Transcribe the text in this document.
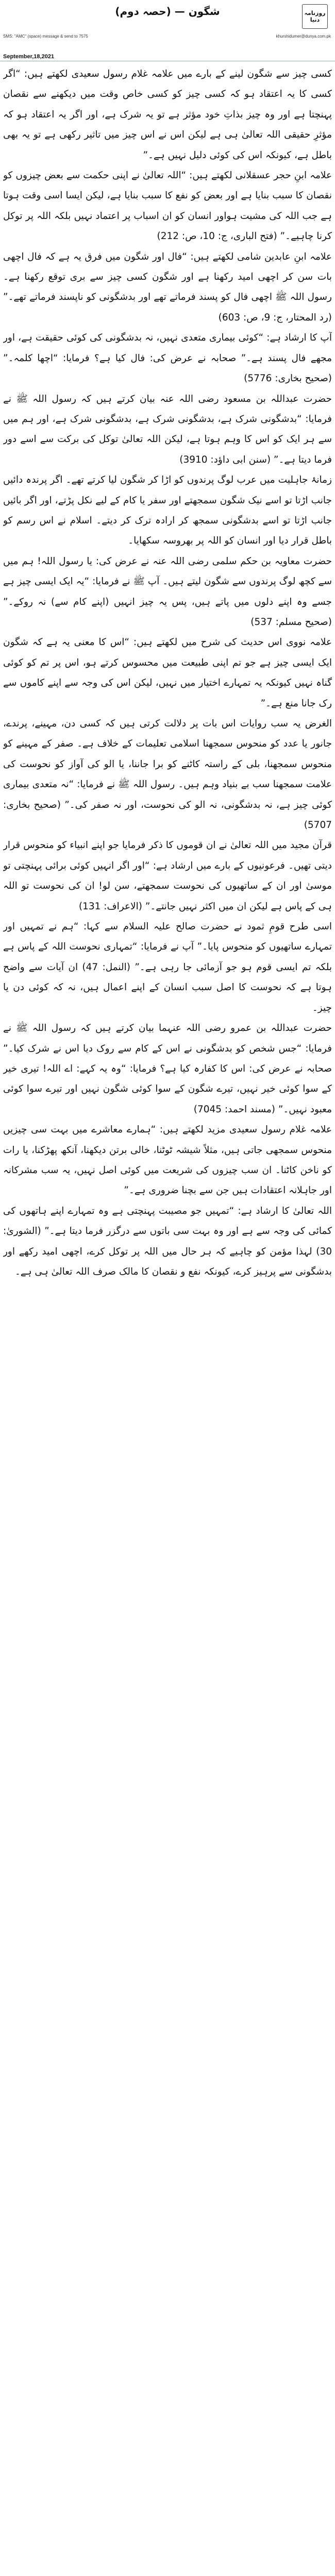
روزنامہ دنیا
شگون — (حصہ دوم)
SMS: "AMC" (space) message & send to 7575	khurshidumer@dunya.com.pk
September,18,2021

کسی چیز سے شگون لینے کے بارے میں علامہ غلام رسول سعیدی لکھتے ہیں: “اگر کسی کا یہ اعتقاد ہو کہ کسی چیز کو کسی خاص وقت میں دیکھنے سے نقصان پہنچتا ہے اور وہ چیز بذاتِ خود مؤثر ہے تو یہ شرک ہے، اور اگر یہ اعتقاد ہو کہ مؤثرِ حقیقی اللہ تعالیٰ ہی ہے لیکن اس نے اس چیز میں تاثیر رکھی ہے تو یہ بھی باطل ہے، کیونکہ اس کی کوئی دلیل نہیں ہے۔”

علامہ ابنِ حجر عسقلانی لکھتے ہیں: “اللہ تعالیٰ نے اپنی حکمت سے بعض چیزوں کو نقصان کا سبب بنایا ہے اور بعض کو نفع کا سبب بنایا ہے، لیکن ایسا اسی وقت ہوتا ہے جب اللہ کی مشیت ہواور انسان کو ان اسباب پر اعتماد نہیں بلکہ اللہ پر توکل کرنا چاہیے۔” (فتح الباری، ج: 10، ص: 212)

علامہ ابنِ عابدین شامی لکھتے ہیں: “فال اور شگون میں فرق یہ ہے کہ فال اچھی بات سن کر اچھی امید رکھنا ہے اور شگون کسی چیز سے بری توقع رکھنا ہے۔ رسول اللہ ﷺ اچھی فال کو پسند فرماتے تھے اور بدشگونی کو ناپسند فرماتے تھے۔” (رد المحتار، ج: 9، ص: 603)

آپ کا ارشاد ہے: “کوئی بیماری متعدی نہیں، نہ بدشگونی کی کوئی حقیقت ہے، اور مجھے فال پسند ہے۔” صحابہ نے عرض کی: فال کیا ہے؟ فرمایا: “اچھا کلمہ۔” (صحیح بخاری: 5776)

حضرت عبداللہ بن مسعود رضی اللہ عنہ بیان کرتے ہیں کہ رسول اللہ ﷺ نے فرمایا: “بدشگونی شرک ہے، بدشگونی شرک ہے، بدشگونی شرک ہے، اور ہم میں سے ہر ایک کو اس کا وہم ہوتا ہے، لیکن اللہ تعالیٰ توکل کی برکت سے اسے دور فرما دیتا ہے۔” (سنن ابی داؤد: 3910)

زمانۂ جاہلیت میں عرب لوگ پرندوں کو اڑا کر شگون لیا کرتے تھے۔ اگر پرندہ دائیں جانب اڑتا تو اسے نیک شگون سمجھتے اور سفر یا کام کے لیے نکل پڑتے، اور اگر بائیں جانب اڑتا تو اسے بدشگونی سمجھ کر ارادہ ترک کر دیتے۔ اسلام نے اس رسم کو باطل قرار دیا اور انسان کو اللہ پر بھروسہ سکھایا۔

حضرت معاویہ بن حکم سلمی رضی اللہ عنہ نے عرض کی: یا رسول اللہ! ہم میں سے کچھ لوگ پرندوں سے شگون لیتے ہیں۔ آپ ﷺ نے فرمایا: “یہ ایک ایسی چیز ہے جسے وہ اپنے دلوں میں پاتے ہیں، پس یہ چیز انہیں (اپنے کام سے) نہ روکے۔” (صحیح مسلم: 537)

علامہ نووی اس حدیث کی شرح میں لکھتے ہیں: “اس کا معنی یہ ہے کہ شگون ایک ایسی چیز ہے جو تم اپنی طبیعت میں محسوس کرتے ہو، اس پر تم کو کوئی گناہ نہیں کیونکہ یہ تمہارے اختیار میں نہیں، لیکن اس کی وجہ سے اپنے کاموں سے رک جانا منع ہے۔”

الغرض یہ سب روایات اس بات پر دلالت کرتی ہیں کہ کسی دن، مہینے، پرندے، جانور یا عدد کو منحوس سمجھنا اسلامی تعلیمات کے خلاف ہے۔ صفر کے مہینے کو منحوس سمجھنا، بلی کے راستہ کاٹنے کو برا جاننا، یا الو کی آواز کو نحوست کی علامت سمجھنا سب بے بنیاد وہم ہیں۔ رسول اللہ ﷺ نے فرمایا: “نہ متعدی بیماری کوئی چیز ہے، نہ بدشگونی، نہ الو کی نحوست، اور نہ صفر کی۔” (صحیح بخاری: 5707)

قرآن مجید میں اللہ تعالیٰ نے ان قوموں کا ذکر فرمایا جو اپنے انبیاء کو منحوس قرار دیتی تھیں۔ فرعونیوں کے بارے میں ارشاد ہے: “اور اگر انہیں کوئی برائی پہنچتی تو موسیٰ اور ان کے ساتھیوں کی نحوست سمجھتے، سن لو! ان کی نحوست تو اللہ ہی کے پاس ہے لیکن ان میں اکثر نہیں جانتے۔” (الاعراف: 131)

اسی طرح قومِ ثمود نے حضرت صالح علیہ السلام سے کہا: “ہم نے تمہیں اور تمہارے ساتھیوں کو منحوس پایا۔” آپ نے فرمایا: “تمہاری نحوست اللہ کے پاس ہے بلکہ تم ایسی قوم ہو جو آزمائی جا رہی ہے۔” (النمل: 47) ان آیات سے واضح ہوتا ہے کہ نحوست کا اصل سبب انسان کے اپنے اعمال ہیں، نہ کہ کوئی دن یا چیز۔

حضرت عبداللہ بن عمرو رضی اللہ عنہما بیان کرتے ہیں کہ رسول اللہ ﷺ نے فرمایا: “جس شخص کو بدشگونی نے اس کے کام سے روک دیا اس نے شرک کیا۔” صحابہ نے عرض کی: اس کا کفارہ کیا ہے؟ فرمایا: “وہ یہ کہے: اے اللہ! تیری خیر کے سوا کوئی خیر نہیں، تیرے شگون کے سوا کوئی شگون نہیں اور تیرے سوا کوئی معبود نہیں۔” (مسند احمد: 7045)

علامہ غلام رسول سعیدی مزید لکھتے ہیں: “ہمارے معاشرے میں بہت سی چیزیں منحوس سمجھی جاتی ہیں، مثلاً شیشہ ٹوٹنا، خالی برتن دیکھنا، آنکھ پھڑکنا، یا رات کو ناخن کاٹنا۔ ان سب چیزوں کی شریعت میں کوئی اصل نہیں، یہ سب مشرکانہ اور جاہلانہ اعتقادات ہیں جن سے بچنا ضروری ہے۔”

اللہ تعالیٰ کا ارشاد ہے: “تمہیں جو مصیبت پہنچتی ہے وہ تمہارے اپنے ہاتھوں کی کمائی کی وجہ سے ہے اور وہ بہت سی باتوں سے درگزر فرما دیتا ہے۔” (الشوریٰ: 30) لہذا مؤمن کو چاہیے کہ ہر حال میں اللہ پر توکل کرے، اچھی امید رکھے اور بدشگونی سے پرہیز کرے، کیونکہ نفع و نقصان کا مالک صرف اللہ تعالیٰ ہی ہے۔
